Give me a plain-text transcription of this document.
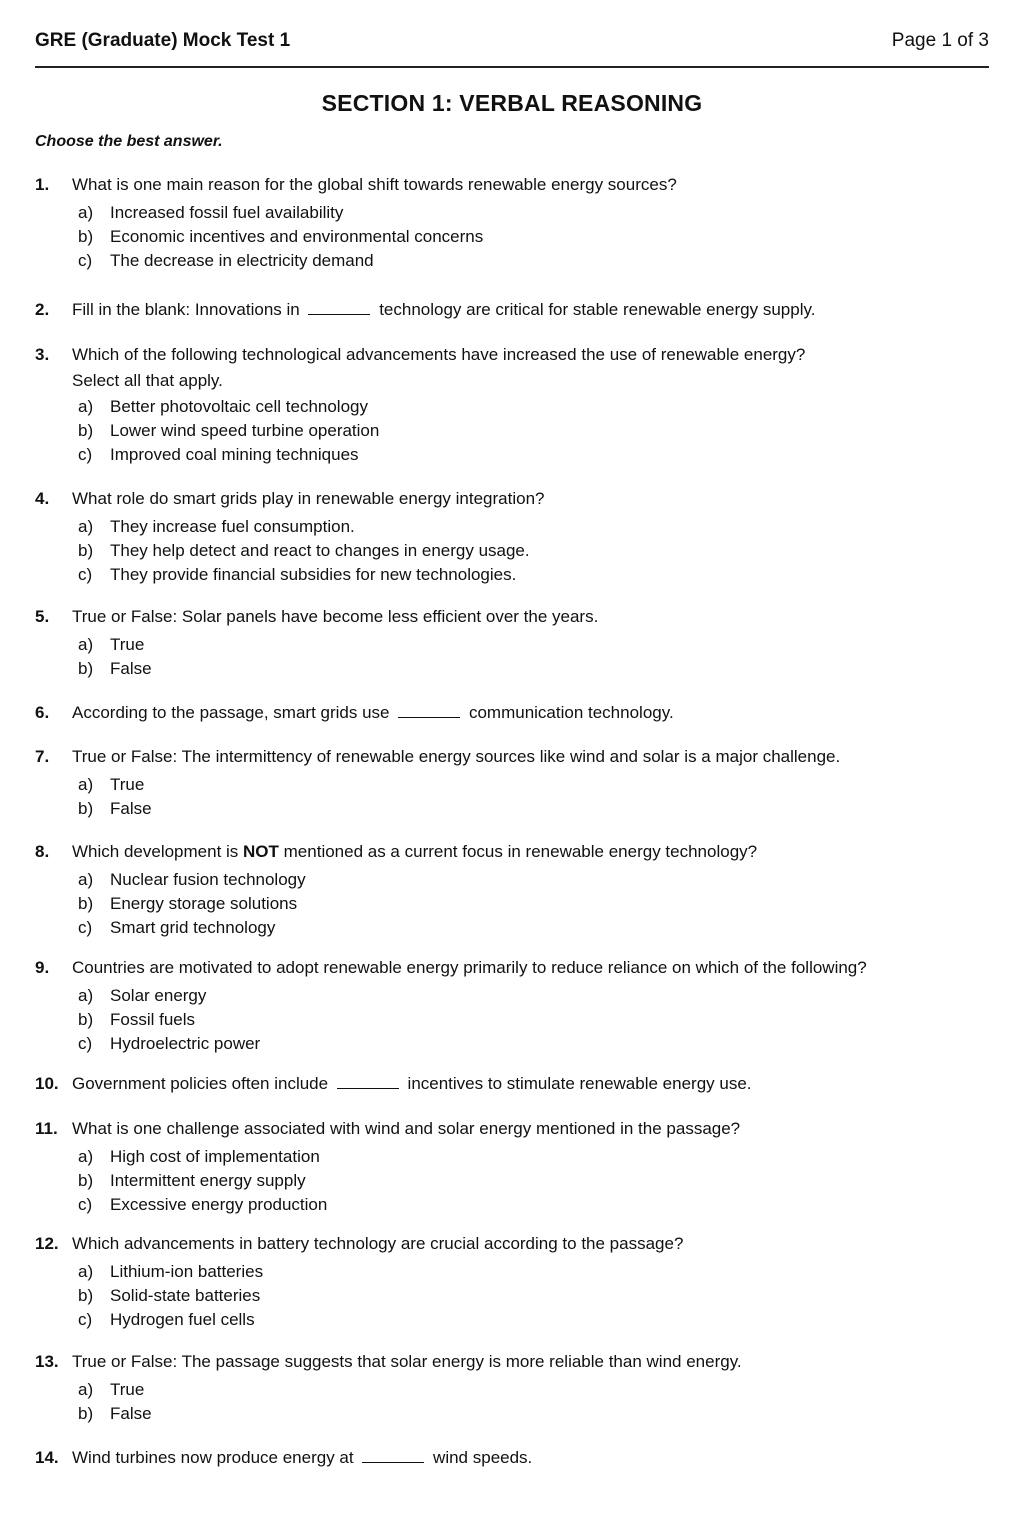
GRE (Graduate) Mock Test 1	Page 1 of 3
SECTION 1: VERBAL REASONING
Choose the best answer.
1.	What is one main reason for the global shift towards renewable energy sources?
a) Increased fossil fuel availability
b) Economic incentives and environmental concerns
c)	The decrease in electricity demand
2.	Fill in the blank: Innovations in	technology are critical for stable renewable energy supply.
3.	Which of the following technological advancements have increased the use of renewable energy?
Select all that apply.
a) Better photovoltaic cell technology
b) Lower wind speed turbine operation
c)	Improved coal mining techniques
4.	What role do smart grids play in renewable energy integration?
a) They increase fuel consumption.
b) They help detect and react to changes in energy usage.
c)	They provide financial subsidies for new technologies.
5.	True or False: Solar panels have become less efficient over the years.
a) True
b) False
6.	According to the passage, smart grids use	communication technology.
7.	True or False: The intermittency of renewable energy sources like wind and solar is a major challenge.
a) True
b) False
8.	Which development is NOT mentioned as a current focus in renewable energy technology?
a) Nuclear fusion technology
b) Energy storage solutions
c)	Smart grid technology
9.	Countries are motivated to adopt renewable energy primarily to reduce reliance on which of the following?
a) Solar energy
b) Fossil fuels
c)	Hydroelectric power
10. Government policies often include	incentives to stimulate renewable energy use.
11. What is one challenge associated with wind and solar energy mentioned in the passage?
a) High cost of implementation
b) Intermittent energy supply
c)	Excessive energy production
12. Which advancements in battery technology are crucial according to the passage?
a) Lithium-ion batteries
b) Solid-state batteries
c)	Hydrogen fuel cells
13. True or False: The passage suggests that solar energy is more reliable than wind energy.
a) True
b) False
14. Wind turbines now produce energy at	wind speeds.
